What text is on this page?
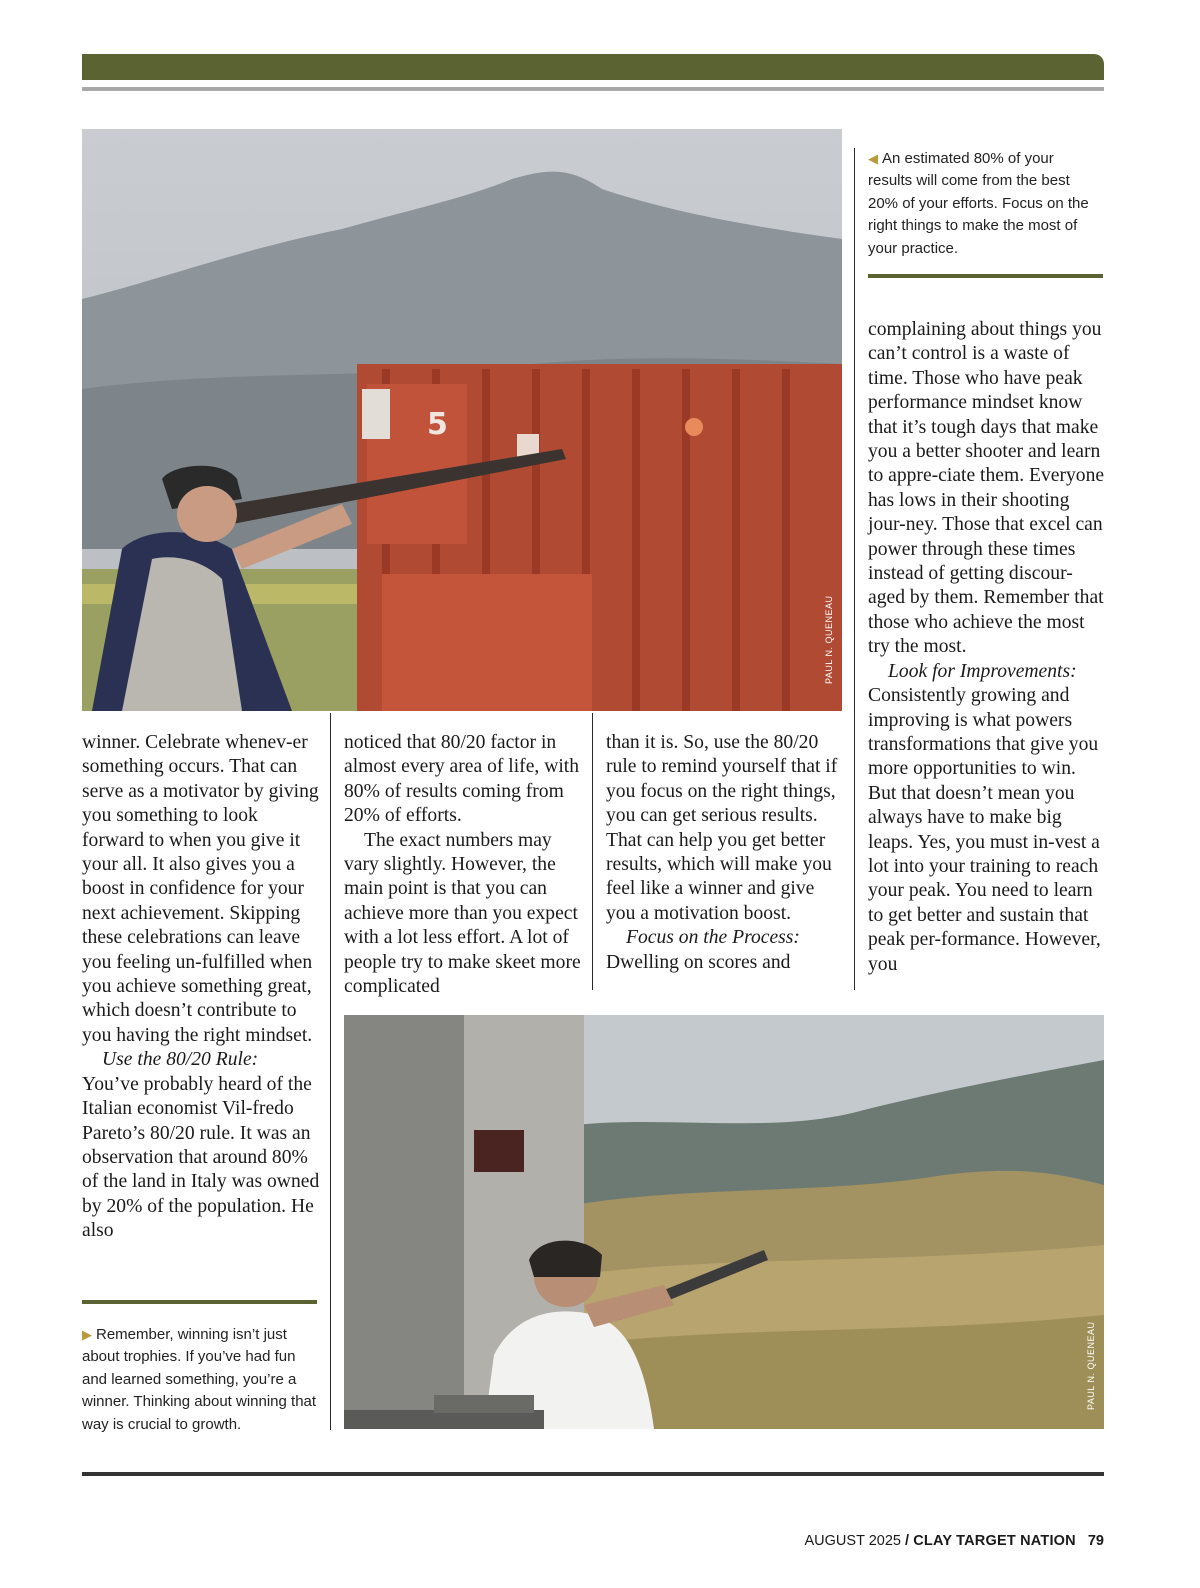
5
PAUL N. QUENEAU
◀ An estimated 80% of your results will come from the best 20% of your efforts. Focus on the right things to make the most of your practice.

complaining about things you can’t control is a waste of time. Those who have peak performance mindset know that it’s tough days that make you a better shooter and learn to appre-ciate them. Everyone has lows in their shooting jour-ney. Those that excel can power through these times instead of getting discour-aged by them. Remember that those who achieve the most try the most.

Look for Improvements:

Consistently growing and improving is what powers transformations that give you more opportunities to win. But that doesn’t mean you always have to make big leaps. Yes, you must in-vest a lot into your training to reach your peak. You need to learn to get better and sustain that peak per-formance. However, you

winner. Celebrate whenev-er something occurs. That can serve as a motivator by giving you something to look forward to when you give it your all. It also gives you a boost in confidence for your next achievement. Skipping these celebrations can leave you feeling un-fulfilled when you achieve something great, which doesn’t contribute to you having the right mindset.

Use the 80/20 Rule:

You’ve probably heard of the Italian economist Vil-fredo Pareto’s 80/20 rule. It was an observation that around 80% of the land in Italy was owned by 20% of the population. He also

noticed that 80/20 factor in almost every area of life, with 80% of results coming from 20% of efforts.

The exact numbers may vary slightly. However, the main point is that you can achieve more than you expect with a lot less effort. A lot of people try to make skeet more complicated

than it is. So, use the 80/20 rule to remind yourself that if you focus on the right things, you can get serious results. That can help you get better results, which will make you feel like a winner and give you a motivation boost.

Focus on the Process:

Dwelling on scores and

▶ Remember, winning isn’t just about trophies. If you’ve had fun and learned something, you’re a winner. Thinking about winning that way is crucial to growth.
PAUL N. QUENEAU
AUGUST 2025 / CLAY TARGET NATION 79
